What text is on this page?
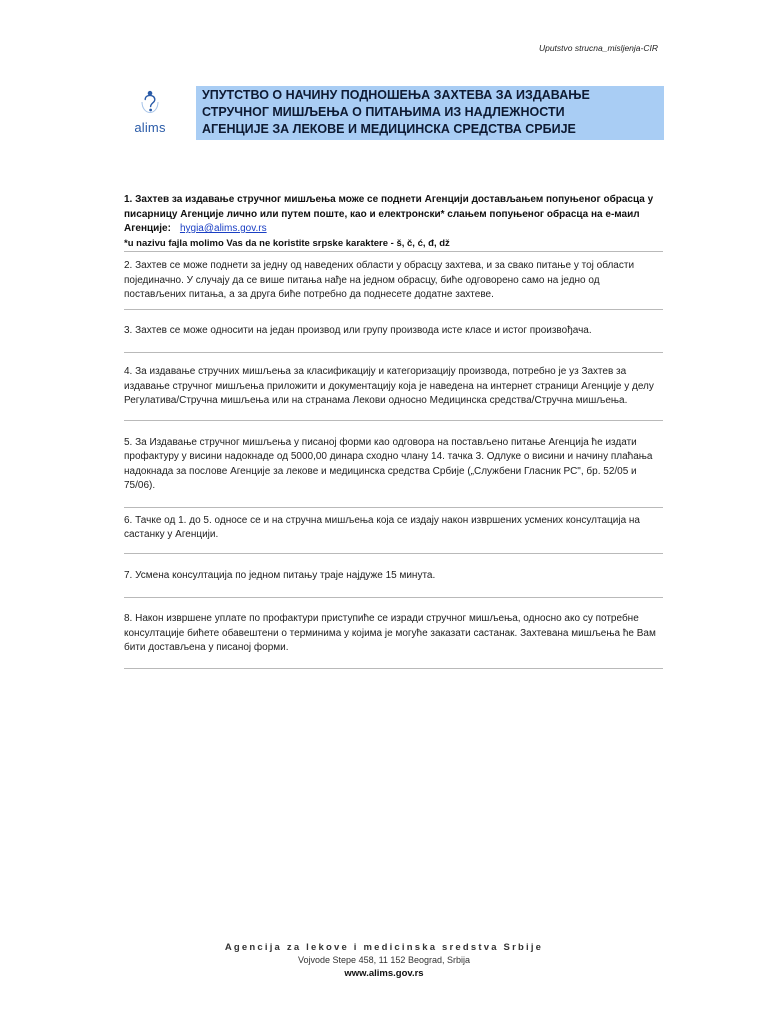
Uputstvo strucna_misljenja-CIR
alims
УПУТСТВО О НАЧИНУ ПОДНОШЕЊА ЗАХТЕВА ЗА ИЗДАВАЊЕ
СТРУЧНОГ МИШЉЕЊА О ПИТАЊИМА ИЗ НАДЛЕЖНОСТИ
АГЕНЦИЈЕ ЗА ЛЕКОВЕ И МЕДИЦИНСКА СРЕДСТВА СРБИЈЕ
1. Захтев за издавање стручног мишљења може се поднети Агенцији достављањем попуњеног обрасца у писарницу Агенције лично или путем поште, као и електронски* слањем попуњеног обрасца на е-маил Агенције: hygia@alims.gov.rs
*u nazivu fajla molimo Vas da ne koristite srpske karaktere - š, č, ć, đ, dž

2. Захтев се може поднети за једну од наведених области у обрасцу захтева, и за свако питање у тој области појединачно. У случају да се више питања нађе на једном обрасцу, биће одговорено само на једно од постављених питања, а за друга биће потребно да поднесете додатне захтеве.

3. Захтев се може односити на један производ или групу производа исте класе и истог произвођача.

4. За издавање стручних мишљења за класификацију и категоризацију производа, потребно је уз Захтев за издавање стручног мишљења приложити и документацију која је наведена на интернет страници Агенције у делу Регулатива/Стручна мишљења или на странама Лекови односно Медицинска средства/Стручна мишљења.

5. За Издавање стручног мишљења у писаној форми као одговора на постављено питање Агенција ће издати профактуру у висини надокнаде од 5000,00 динара сходно члану 14. тачка 3. Одлуке о висини и начину плаћања надокнада за послове Агенције за лекове и медицинска средства Србије („Службени Гласник РС", бр. 52/05 и 75/06).

6. Тачке од 1. до 5. односе се и на стручна мишљења која се издају након извршених усмених консултација на састанку у Агенцији.

7. Усмена консултација по једном питању траје најдуже 15 минута.

8. Након извршене уплате по профактури приступиће се изради стручног мишљења, односно ако су потребне консултације бићете обавештени о терминима у којима је могуће заказати састанак. Захтевана мишљења ће Вам бити достављена у писаној форми.

Agencija za lekove i medicinska sredstva Srbije
Vojvode Stepe 458, 11 152 Beograd, Srbija
www.alims.gov.rs
